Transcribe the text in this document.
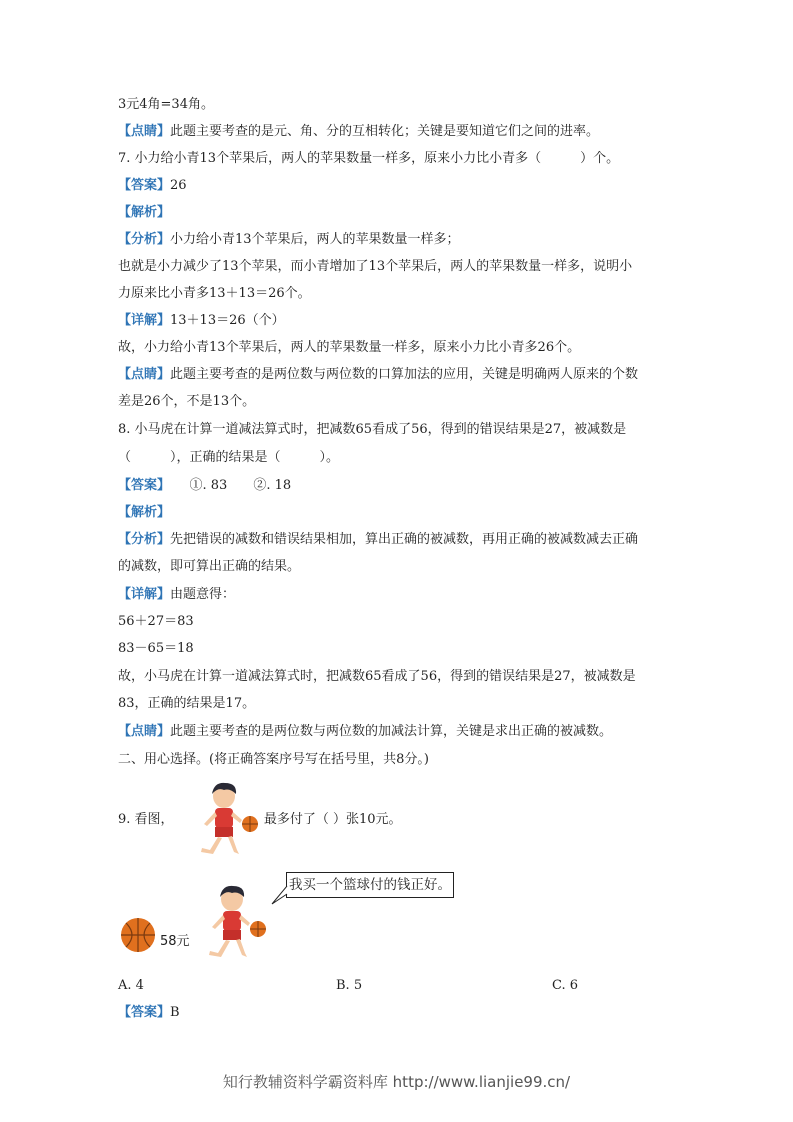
3元4角=34角。
【点睛】此题主要考查的是元、角、分的互相转化；关键是要知道它们之间的进率。
7. 小力给小青13个苹果后，两人的苹果数量一样多，原来小力比小青多（　　　）个。
【答案】26
【解析】
【分析】小力给小青13个苹果后，两人的苹果数量一样多；
也就是小力减少了13个苹果，而小青增加了13个苹果后，两人的苹果数量一样多，说明小
力原来比小青多13＋13＝26个。
【详解】13＋13＝26（个）
故，小力给小青13个苹果后，两人的苹果数量一样多，原来小力比小青多26个。
【点睛】此题主要考查的是两位数与两位数的口算加法的应用，关键是明确两人原来的个数
差是26个，不是13个。
8. 小马虎在计算一道减法算式时，把减数65看成了56，得到的错误结果是27，被减数是
（　　　），正确的结果是（　　　）。
【答案】　　①. 83　　②. 18
【解析】
【分析】先把错误的减数和错误结果相加，算出正确的被减数，再用正确的被减数减去正确
的减数，即可算出正确的结果。
【详解】由题意得：
56＋27＝83
83－65＝18
故，小马虎在计算一道减法算式时，把减数65看成了56，得到的错误结果是27，被减数是
83，正确的结果是17。
【点睛】此题主要考查的是两位数与两位数的加减法计算，关键是求出正确的被减数。
二、用心选择。(将正确答案序号写在括号里，共8分。)
9. 看图，	最多付了（ ）张10元。
我买一个篮球付的钱正好。
58元
A. 4	B. 5	C. 6
【答案】B
知行教辅资料学霸资料库 http://www.lianjie99.cn/
